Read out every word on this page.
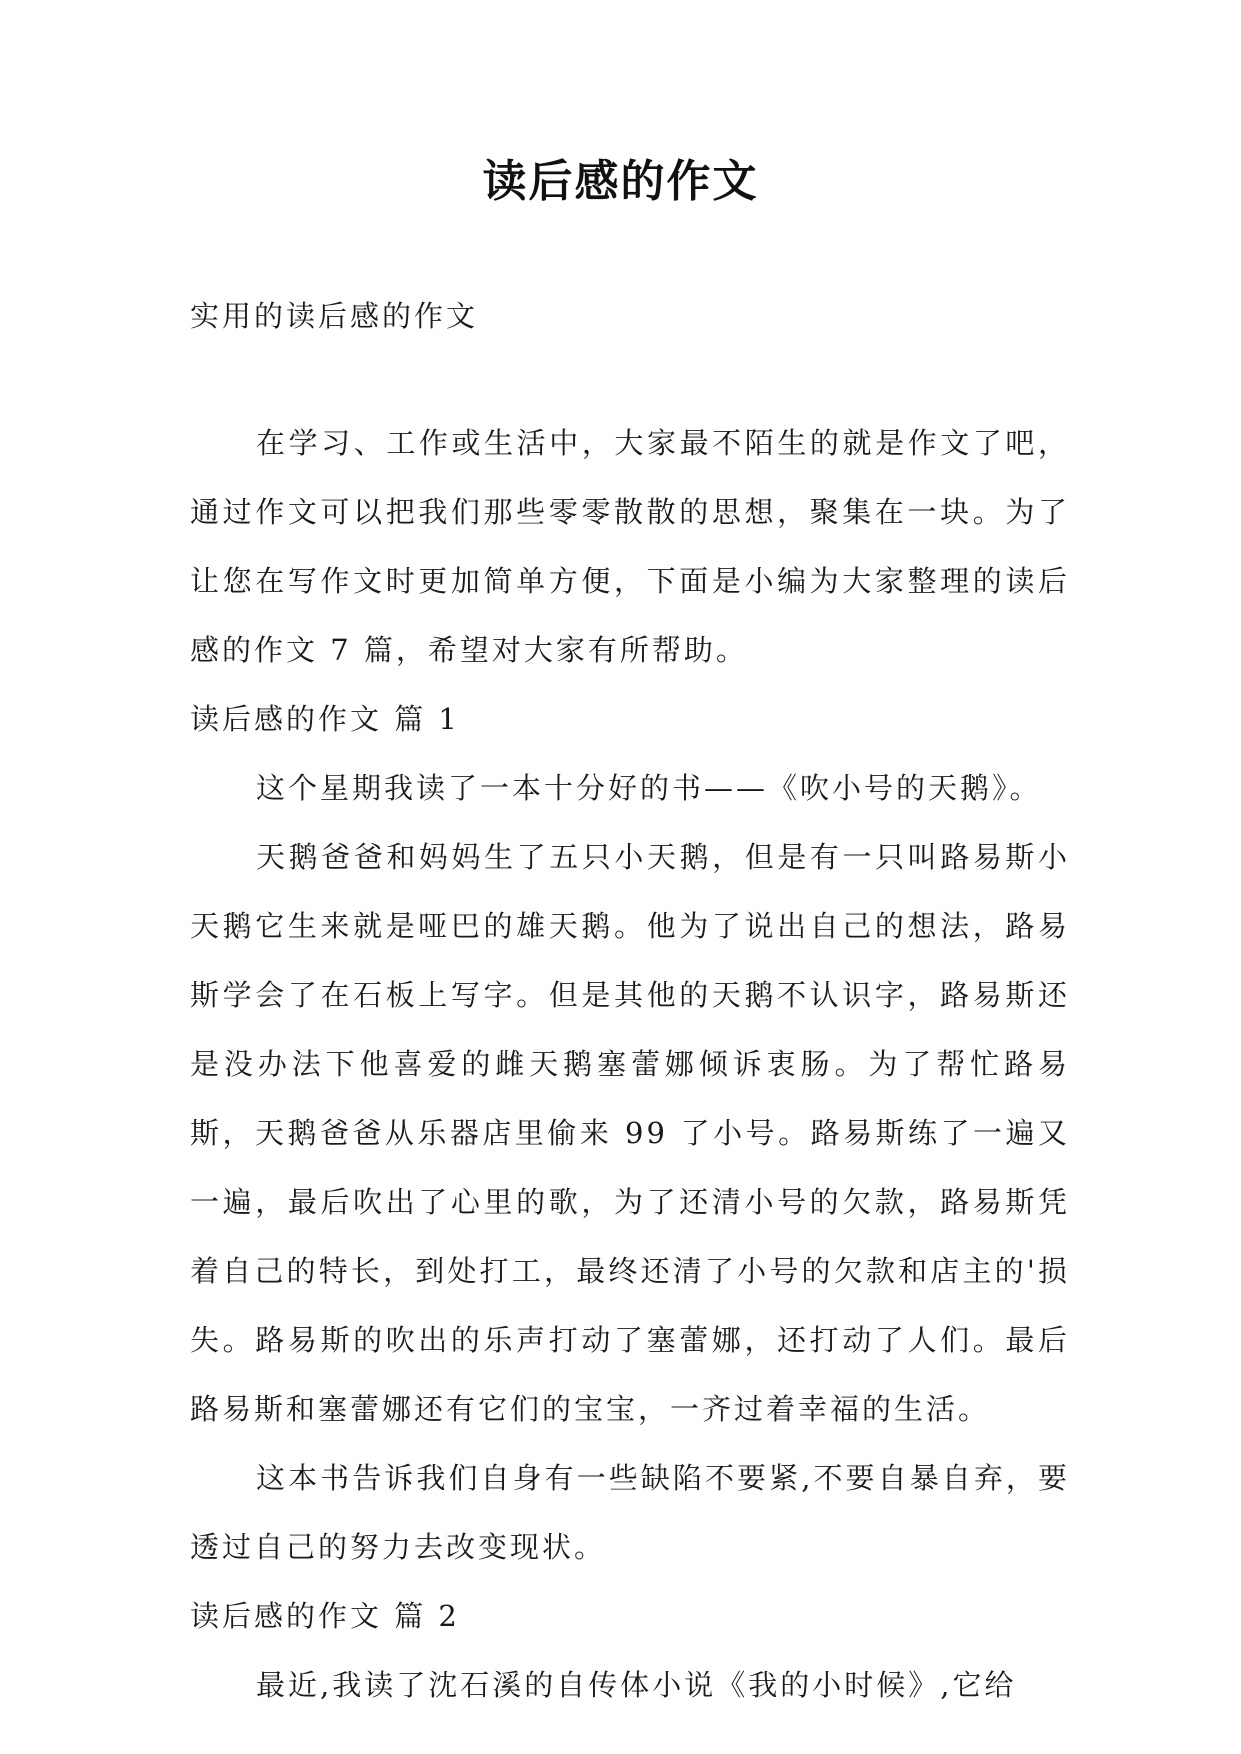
读后感的作文
实用的读后感的作文

在学习、工作或生活中，大家最不陌生的就是作文了吧，通过作文可以把我们那些零零散散的思想，聚集在一块。为了让您在写作文时更加简单方便，下面是小编为大家整理的读后感的作文 7 篇，希望对大家有所帮助。

读后感的作文 篇 1

这个星期我读了一本十分好的书——《吹小号的天鹅》。

天鹅爸爸和妈妈生了五只小天鹅，但是有一只叫路易斯小天鹅它生来就是哑巴的雄天鹅。他为了说出自己的想法，路易斯学会了在石板上写字。但是其他的天鹅不认识字，路易斯还是没办法下他喜爱的雌天鹅塞蕾娜倾诉衷肠。为了帮忙路易斯，天鹅爸爸从乐器店里偷来 99 了小号。路易斯练了一遍又一遍，最后吹出了心里的歌，为了还清小号的欠款，路易斯凭着自己的特长，到处打工，最终还清了小号的欠款和店主的'损失。路易斯的吹出的乐声打动了塞蕾娜，还打动了人们。最后路易斯和塞蕾娜还有它们的宝宝，一齐过着幸福的生活。

这本书告诉我们自身有一些缺陷不要紧,不要自暴自弃，要透过自己的努力去改变现状。

读后感的作文 篇 2

最近,我读了沈石溪的自传体小说《我的小时候》,它给
